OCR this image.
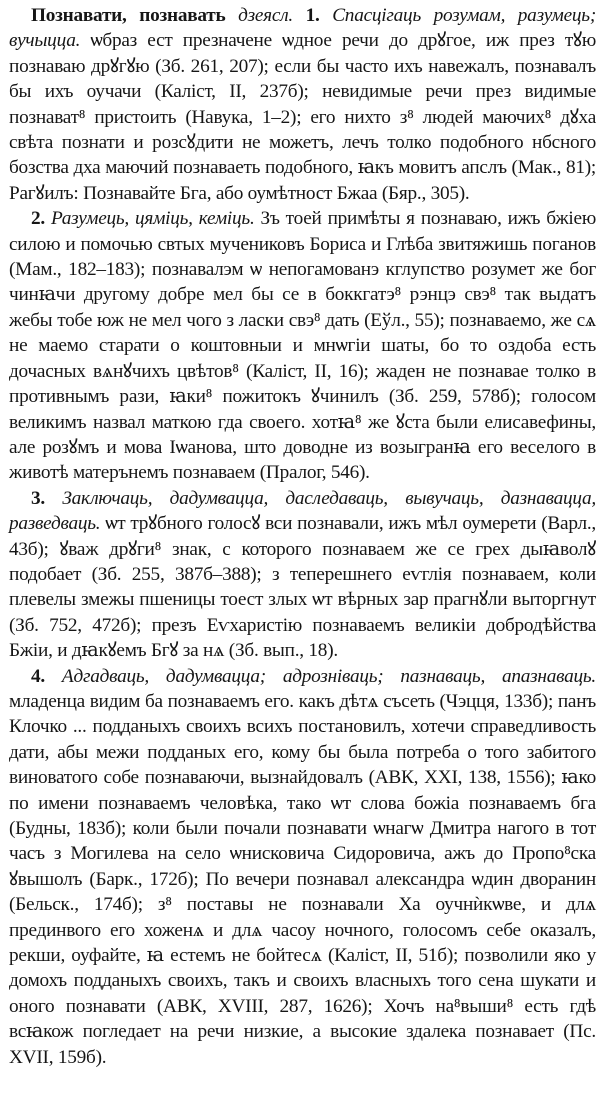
Познавати, познавать дзеясл. 1. Спасцігаць розумам, разумець; вучыцца. ѡбраз ест презначене ѡдное речи до дрꙋгое, иж през тꙋю познаваю дрꙋгꙋю (Зб. 261, 207); если бы часто ихъ навежалъ, познавалъ бы ихъ оучачи (Калiст, II, 237б); невидимые речи през видимые познават⁸ пристоить (Навука, 1–2); его нихто з⁸ людей маючих⁸ дꙋха свѣта познати и розсꙋдити не можетъ, лечъ толко подобного нбсного бозства дха маючий познаваеть подобного, ꙗкъ мовитъ апслъ (Мак., 81); Рагꙋилъ: Познавайте Бга, або оумѣтност Бжаа (Бяр., 305).

2. Разумець, цяміць, кеміць. Зъ тоей примѣты я познаваю, ижъ бжiею силою и помочью свтых мучениковъ Бориса и Глѣба звитяжишь поганов (Мам., 182–183); познавалэм ѡ непогамованэ кглупство розумет же бог чинꙗчи другому добре мел бы се в боккгатэ⁸ рэнцэ свэ⁸ так выдатъ жебы тобе юж не мел чого з ласки свэ⁸ дать (Еўл., 55); познаваемо, же сѧ не маемо старати о коштовныи и мнѡгiи шаты, бо то оздоба есть дочасных вѧнꙋчихъ цвѣтов⁸ (Калiст, II, 16); жаден не познавае толко в противнымъ рази, ꙗки⁸ пожитокъ ꙋчинилъ (Зб. 259, 578б); голосом великимъ назвал маткою гда своего. хотꙗ⁸ же ꙋста были елисавефины, але розꙋмъ и мова Iѡанова, што доводне из возыгранꙗ его веселого в животѣ матерънемъ познаваем (Пралог, 546).

3. Заключаць, дадумвацца, даследаваць, вывучаць, дазнавацца, разведваць. ѡт трꙋбного голосꙋ вси познавали, ижъ мѣл оумерети (Варл., 43б); ꙋваж дрꙋги⁸ знак, с которого познаваем же се грех дыꙗволꙋ подобает (Зб. 255, 387б–388); з теперешнего еѵглiя познаваем, коли плевелы змежы пшеницы тоест злых ѡт вѣрных зар прагнꙋли выторгнут (Зб. 752, 472б); презъ Еѵхаристiю познаваемъ великiи добродѣйства Бжiи, и дꙗкꙋемъ Бгꙋ за нѧ (Зб. вып., 18).

4. Адгадваць, дадумвацца; адрозніваць; пазнаваць, апазнаваць. младенца видим ба познаваемъ его. какъ дѣтѧ съсеть (Чэцця, 133б); панъ Клочко ... подданыхъ своихъ всихъ постановилъ, хотечи справедливость дати, абы межи подданых его, кому бы была потреба о того забитого виноватого собе познаваючи, вызнайдовалъ (АВК, XXI, 138, 1556); ꙗко по имени познаваемъ человѣка, тако ѡт слова божiа познаваемъ бга (Будны, 183б); коли были почали познавати ѡнагѡ Дмитра нагого в тот часъ з Могилева на село ѡнисковича Сидоровича, ажъ до Пропо⁸ска ꙋвышолъ (Барк., 172б); По вечери познавал александра ѡдин дворанин (Бельск., 174б); з⁸ поставы не познавали Ха оучнѝкѡве, и длѧ прединвого его хоженѧ и длѧ часоу ночного, голосомъ себе оказалъ, рекши, оуфайте, ꙗ естемъ не бойтесѧ (Калiст, II, 51б); позволили яко у домохъ подданыхъ своихъ, такъ и своихъ власныхъ того сена шукати и оного познавати (АВК, XVIII, 287, 1626); Хочъ на⁸выши⁸ есть гдѣ всꙗкож погледает на речи низкие, а высокие здалека познавает (Пс. XVII, 159б).
